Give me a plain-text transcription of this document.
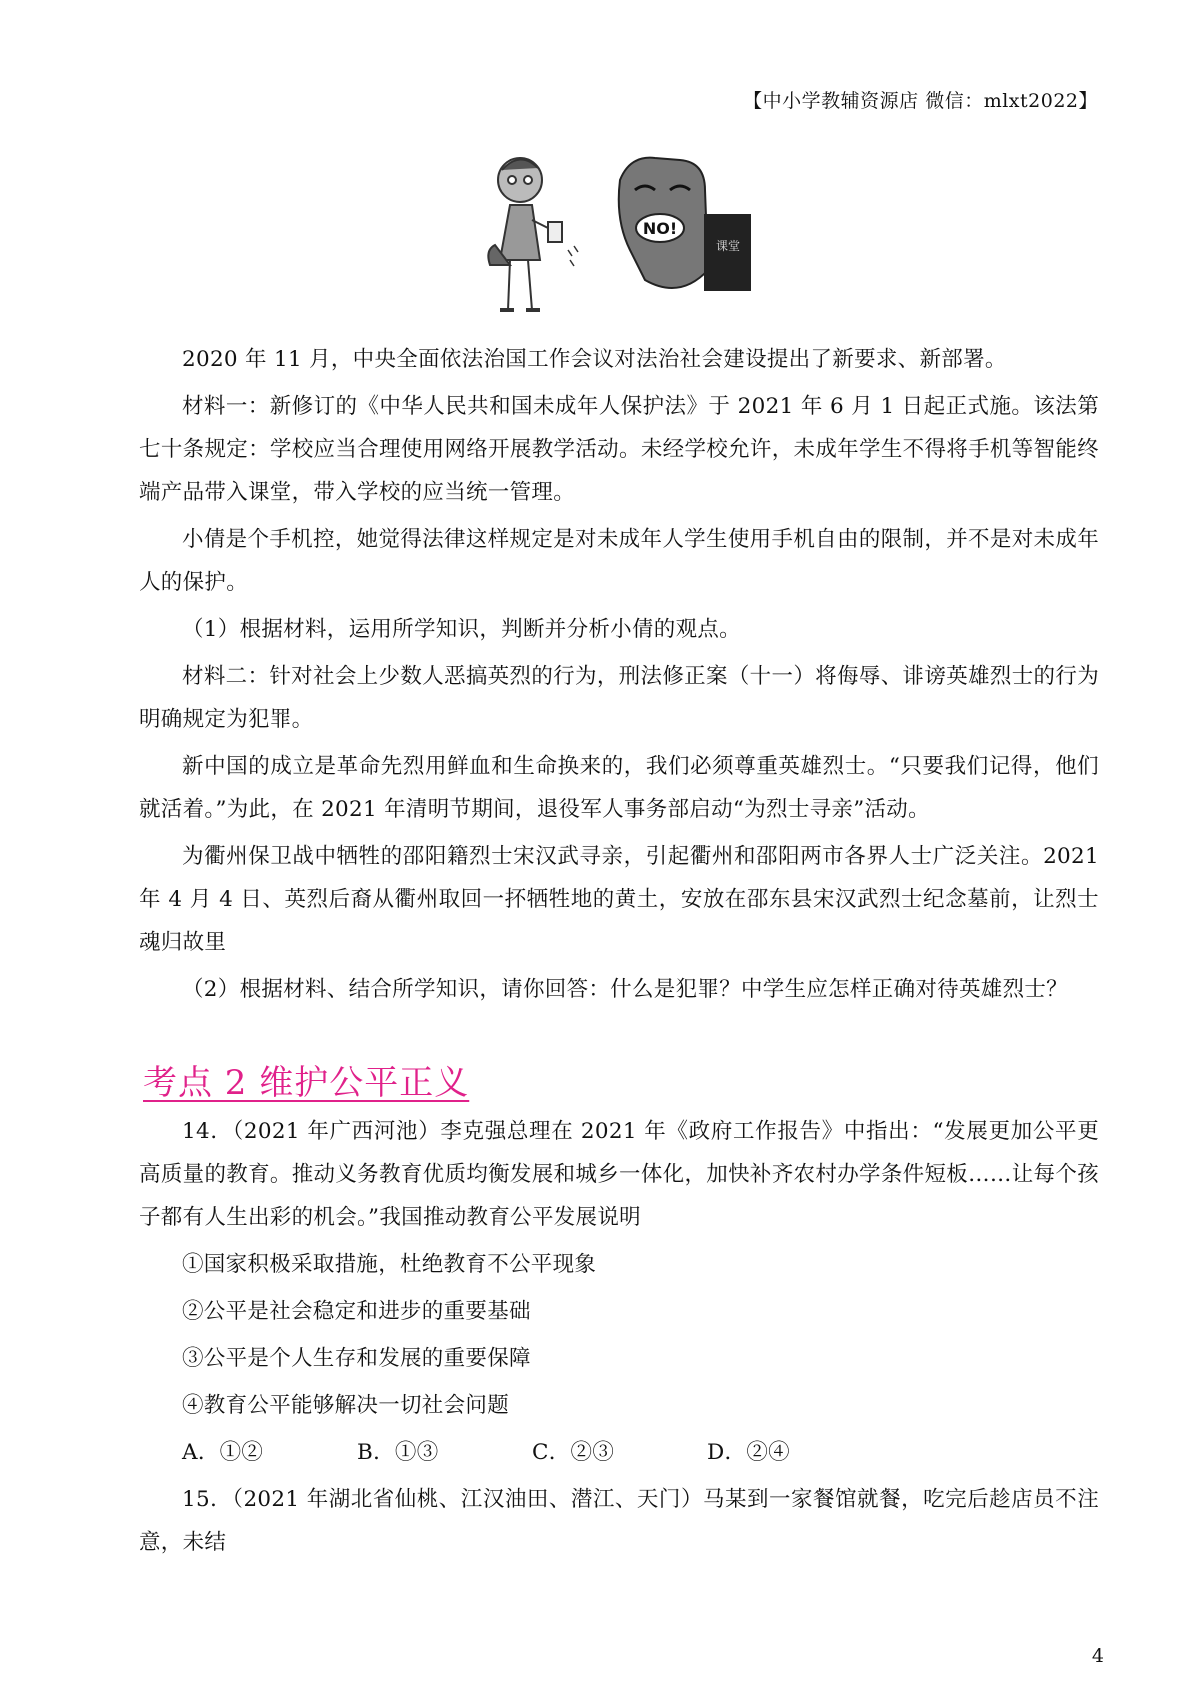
【中小学教辅资源店 微信：mlxt2022】
NO!
课堂

2020 年 11 月，中央全面依法治国工作会议对法治社会建设提出了新要求、新部署。

材料一：新修订的《中华人民共和国未成年人保护法》于 2021 年 6 月 1 日起正式施。该法第七十条规定：学校应当合理使用网络开展教学活动。未经学校允许，未成年学生不得将手机等智能终端产品带入课堂，带入学校的应当统一管理。

小倩是个手机控，她觉得法律这样规定是对未成年人学生使用手机自由的限制，并不是对未成年人的保护。

（1）根据材料，运用所学知识，判断并分析小倩的观点。

材料二：针对社会上少数人恶搞英烈的行为，刑法修正案（十一）将侮辱、诽谤英雄烈士的行为明确规定为犯罪。

新中国的成立是革命先烈用鲜血和生命换来的，我们必须尊重英雄烈士。“只要我们记得，他们就活着。”为此，在 2021 年清明节期间，退役军人事务部启动“为烈士寻亲”活动。

为衢州保卫战中牺牲的邵阳籍烈士宋汉武寻亲，引起衢州和邵阳两市各界人士广泛关注。2021 年 4 月 4 日、英烈后裔从衢州取回一抔牺牲地的黄土，安放在邵东县宋汉武烈士纪念墓前，让烈士魂归故里

（2）根据材料、结合所学知识，请你回答：什么是犯罪？中学生应怎样正确对待英雄烈士？

考点 2 维护公平正义

14．（2021 年广西河池）李克强总理在 2021 年《政府工作报告》中指出：“发展更加公平更高质量的教育。推动义务教育优质均衡发展和城乡一体化，加快补齐农村办学条件短板……让每个孩子都有人生出彩的机会。”我国推动教育公平发展说明

①国家积极采取措施，杜绝教育不公平现象

②公平是社会稳定和进步的重要基础

③公平是个人生存和发展的重要保障

④教育公平能够解决一切社会问题

A．①②	B．①③	C．②③	D．②④

15．（2021 年湖北省仙桃、江汉油田、潜江、天门）马某到一家餐馆就餐，吃完后趁店员不注意，未结

4
